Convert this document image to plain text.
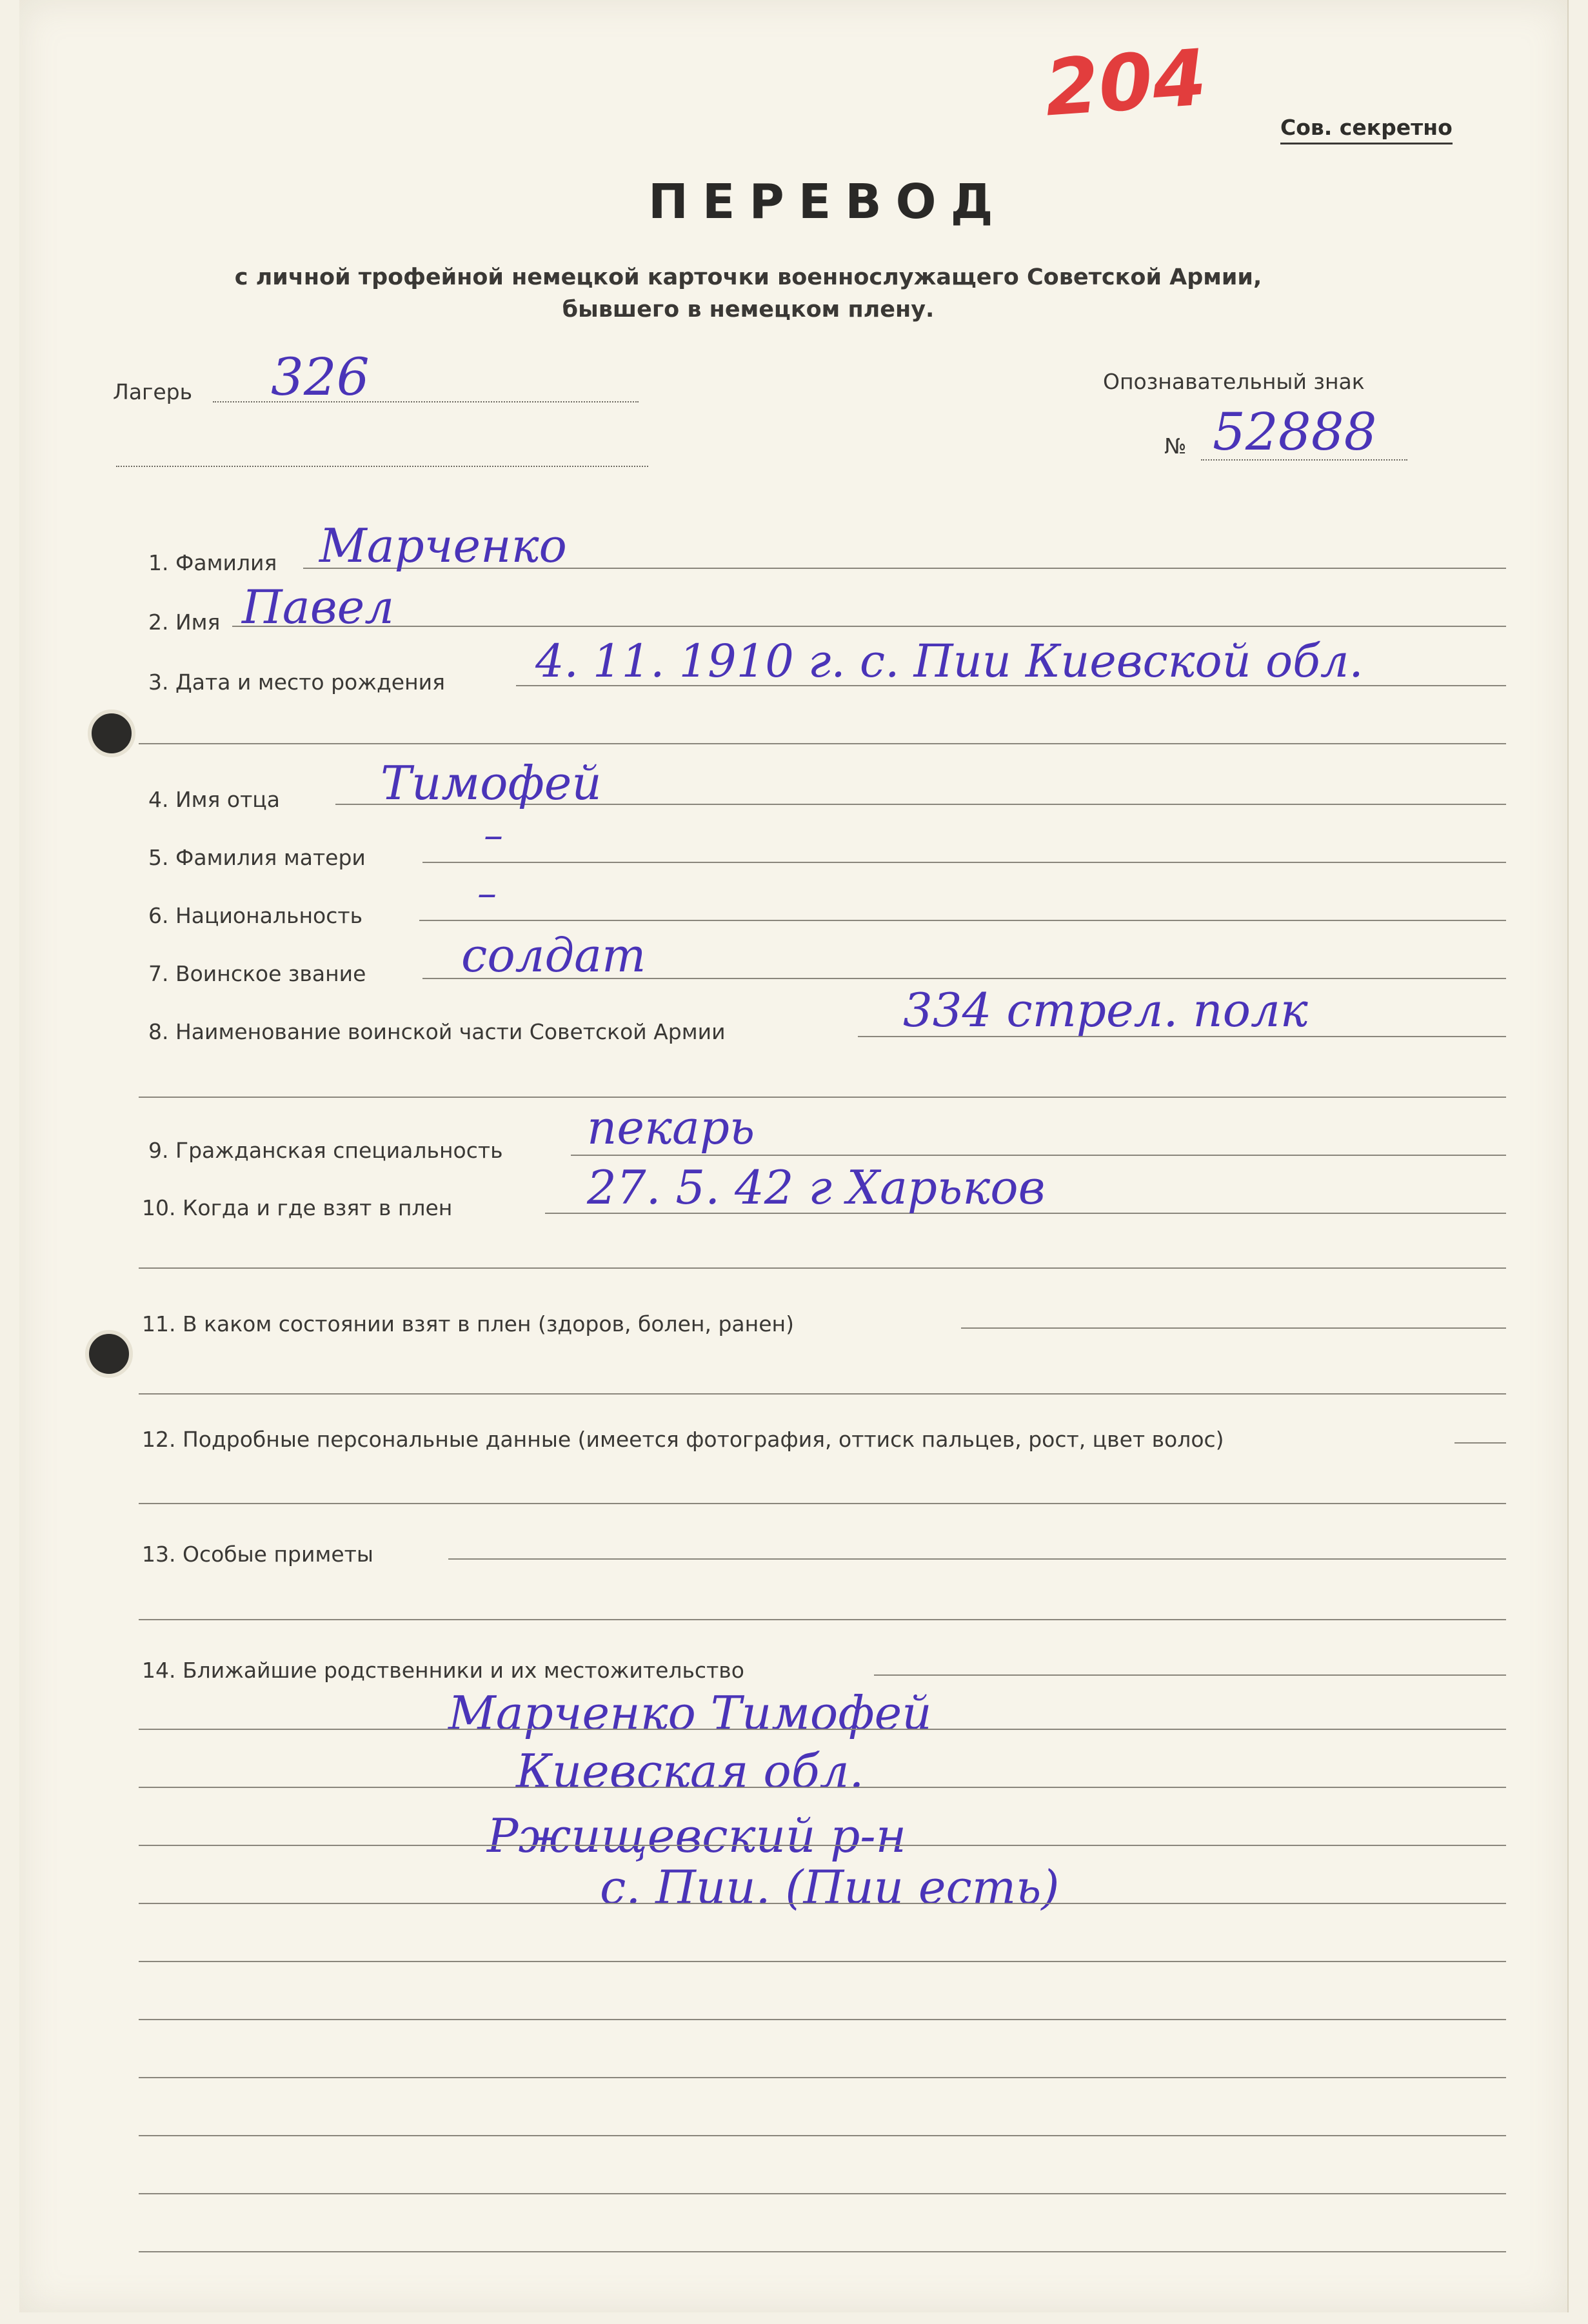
204	Сов. секретно
ПЕРЕВОД
с личной трофейной немецкой карточки военнослужащего Советской Армии,
бывшего в немецком плену.
Лагерь 326	Опознавательный знак
№ 52888
1. Фамилия Марченко
2. Имя Павел
3. Дата и место рождения 4. 11. 1910 г. с. Пии Киевской обл.
4. Имя отца Тимофей
5. Фамилия матери	–
6. Национальность	–
7. Воинское звание солдат
8. Наименование воинской части Советской Армии	334 стрел. полк
9. Гражданская специальность пекарь
10. Когда и где взят в плен	27. 5. 42 г Харьков
11. В каком состоянии взят в плен (здоров, болен, ранен)
12. Подробные персональные данные (имеется фотография, оттиск пальцев, рост, цвет волос)
13. Особые приметы
14. Ближайшие родственники и их местожительство
Марченко Тимофей
Киевская обл.
Ржищевский р-н
с. Пии. (Пии есть)
